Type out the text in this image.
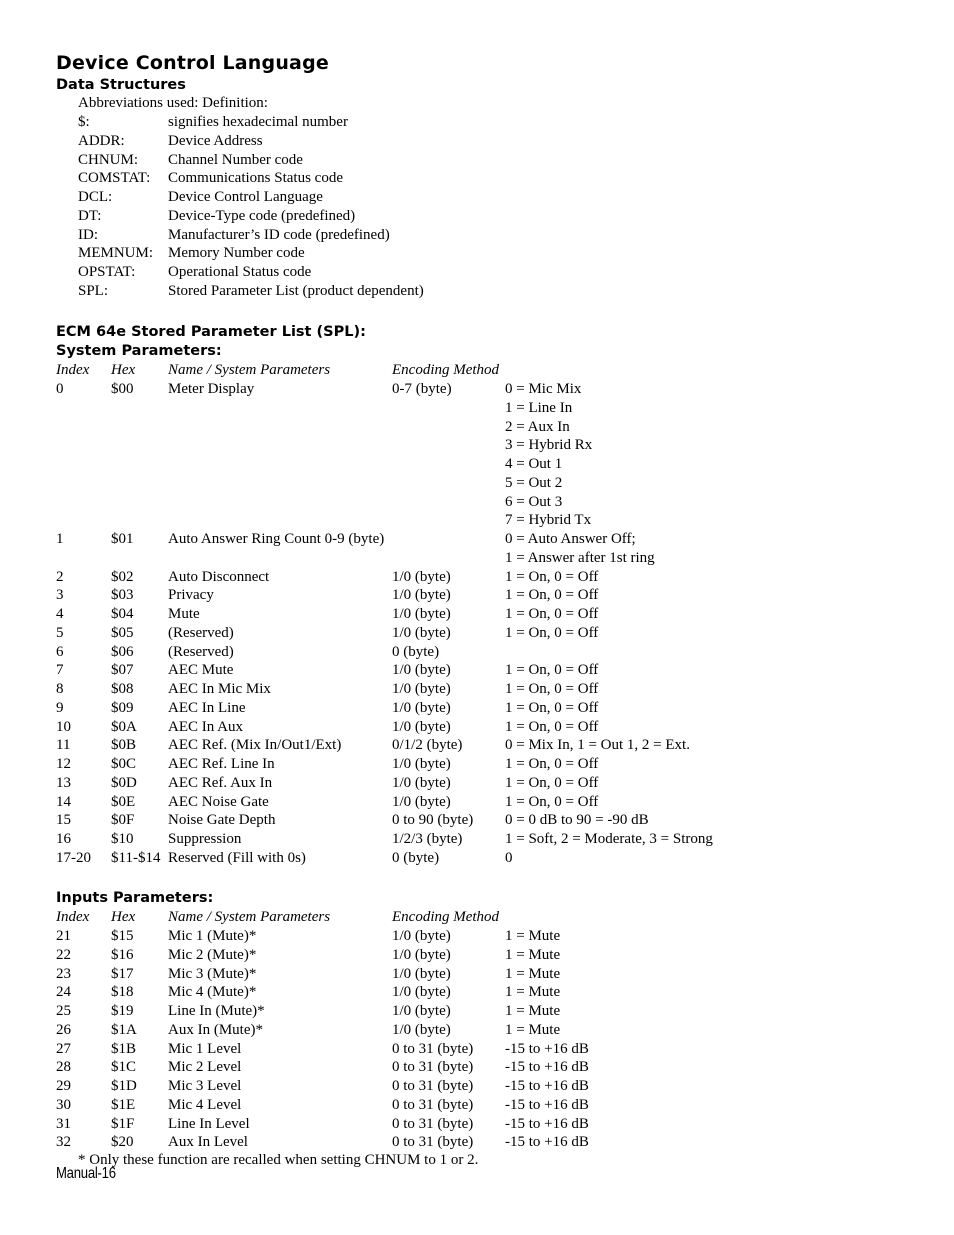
Device Control Language
Data Structures
Abbreviations used: Definition:
$:	signifies hexadecimal number
ADDR:	Device Address
CHNUM: Channel Number code
COMSTAT: Communications Status code
DCL:	Device Control Language
DT:	Device-Type code (predefined)
ID:	Manufacturer’s ID code (predefined)
MEMNUM: Memory Number code
OPSTAT: Operational Status code
SPL:	Stored Parameter List (product dependent)
ECM 64e Stored Parameter List (SPL):
System Parameters:
Index Hex Name / System Parameters	Encoding Method
0	$00 Meter Display	0-7 (byte)	0 = Mic Mix
1 = Line In
2 = Aux In
3 = Hybrid Rx
4 = Out 1
5 = Out 2
6 = Out 3
7 = Hybrid Tx
1	$01 Auto Answer Ring Count 0-9 (byte)	0 = Auto Answer Off;
1 = Answer after 1st ring
2	$02 Auto Disconnect	1/0 (byte)	1 = On, 0 = Off
3	$03 Privacy	1/0 (byte)	1 = On, 0 = Off
4	$04 Mute	1/0 (byte)	1 = On, 0 = Off
5	$05 (Reserved)	1/0 (byte)	1 = On, 0 = Off
6	$06 (Reserved)	0 (byte)
7	$07 AEC Mute	1/0 (byte)	1 = On, 0 = Off
8	$08 AEC In Mic Mix	1/0 (byte)	1 = On, 0 = Off
9	$09 AEC In Line	1/0 (byte)	1 = On, 0 = Off
10	$0A AEC In Aux	1/0 (byte)	1 = On, 0 = Off
11	$0B AEC Ref. (Mix In/Out1/Ext)	0/1/2 (byte)	0 = Mix In, 1 = Out 1, 2 = Ext.
12	$0C AEC Ref. Line In	1/0 (byte)	1 = On, 0 = Off
13	$0D AEC Ref. Aux In	1/0 (byte)	1 = On, 0 = Off
14	$0E AEC Noise Gate	1/0 (byte)	1 = On, 0 = Off
15	$0F Noise Gate Depth	0 to 90 (byte) 0 = 0 dB to 90 = -90 dB
16	$10 Suppression	1/2/3 (byte)	1 = Soft, 2 = Moderate, 3 = Strong
17-20 $11-$14 Reserved (Fill with 0s)	0 (byte)	0
Inputs Parameters:
Index Hex Name / System Parameters	Encoding Method
21	$15 Mic 1 (Mute)*	1/0 (byte)	1 = Mute
22	$16 Mic 2 (Mute)*	1/0 (byte)	1 = Mute
23	$17 Mic 3 (Mute)*	1/0 (byte)	1 = Mute
24	$18 Mic 4 (Mute)*	1/0 (byte)	1 = Mute
25	$19 Line In (Mute)*	1/0 (byte)	1 = Mute
26	$1A Aux In (Mute)*	1/0 (byte)	1 = Mute
27	$1B Mic 1 Level	0 to 31 (byte) -15 to +16 dB
28	$1C Mic 2 Level	0 to 31 (byte) -15 to +16 dB
29	$1D Mic 3 Level	0 to 31 (byte) -15 to +16 dB
30	$1E Mic 4 Level	0 to 31 (byte) -15 to +16 dB
31	$1F Line In Level	0 to 31 (byte) -15 to +16 dB
32	$20 Aux In Level	0 to 31 (byte) -15 to +16 dB
* Only these function are recalled when setting CHNUM to 1 or 2.
Manual-16
